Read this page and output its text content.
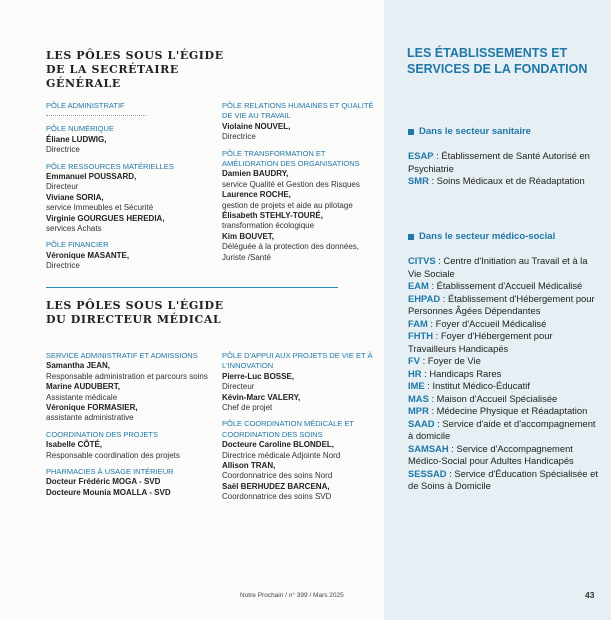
LES PÔLES SOUS L'ÉGIDE DE LA SECRÉTAIRE GÉNÉRALE
PÔLE ADMINISTRATIF
PÔLE NUMÉRIQUE
Éliane LUDWIG,
Directrice
PÔLE RESSOURCES MATÉRIELLES
Emmanuel POUSSARD,
Directeur
Viviane SORIA,
service Immeubles et Sécurité
Virginie GOURGUES HEREDIA,
services Achats
PÔLE FINANCIER
Véronique MASANTE,
Directrice
PÔLE RELATIONS HUMAINES ET QUALITÉ DE VIE AU TRAVAIL
Violaine NOUVEL,
Directrice
PÔLE TRANSFORMATION ET AMÉLIORATION DES ORGANISATIONS
Damien BAUDRY,
service Qualité et Gestion des Risques
Laurence ROCHE,
gestion de projets et aide au pilotage
Élisabeth STEHLY-TOURÉ,
transformation écologique
Kim BOUVET,
Déléguée à la protection des données,
Juriste /Santé
LES PÔLES SOUS L'ÉGIDE DU DIRECTEUR MÉDICAL
SERVICE ADMINISTRATIF ET ADMISSIONS
Samantha JEAN,
Responsable administration et parcours soins
Marine AUDUBERT,
Assistante médicale
Véronique FORMASIER,
assistante administrative
COORDINATION DES PROJETS
Isabelle CÔTÉ,
Responsable coordination des projets
PHARMACIES À USAGE INTÉRIEUR
Docteur Frédéric MOGA - SVD
Docteure Mounia MOALLA - SVD
PÔLE D'APPUI AUX PROJETS DE VIE ET À L'INNOVATION
Pierre-Luc BOSSE,
Directeur
Kévin-Marc VALERY,
Chef de projet
PÔLE COORDINATION MÉDICALE ET COORDINATION DES SOINS
Docteure Caroline BLONDEL,
Directrice médicale Adjointe Nord
Allison TRAN,
Coordonnatrice des soins Nord
Saël BERHUDEZ BARCENA,
Coordonnatrice des soins SVD
Notre Prochain / n° 399 / Mars 2025
LES ÉTABLISSEMENTS ET SERVICES DE LA FONDATION
Dans le secteur sanitaire
ESAP : Établissement de Santé Autorisé en Psychiatrie
SMR : Soins Médicaux et de Réadaptation
Dans le secteur médico-social
CITVS : Centre d'Initiation au Travail et à la Vie Sociale
EAM : Établissement d'Accueil Médicalisé
EHPAD : Établissement d'Hébergement pour Personnes Âgées Dépendantes
FAM : Foyer d'Accueil Médicalisé
FHTH : Foyer d'Hébergement pour Travailleurs Handicapés
FV : Foyer de Vie
HR : Handicaps Rares
IME : Institut Médico-Éducatif
MAS : Maison d'Accueil Spécialisée
MPR : Médecine Physique et Réadaptation
SAAD : Service d'aide et d'accompagnement à domicile
SAMSAH : Service d'Accompagnement Médico-Social pour Adultes Handicapés
SESSAD : Service d'Éducation Spécialisée et de Soins à Domicile
43
